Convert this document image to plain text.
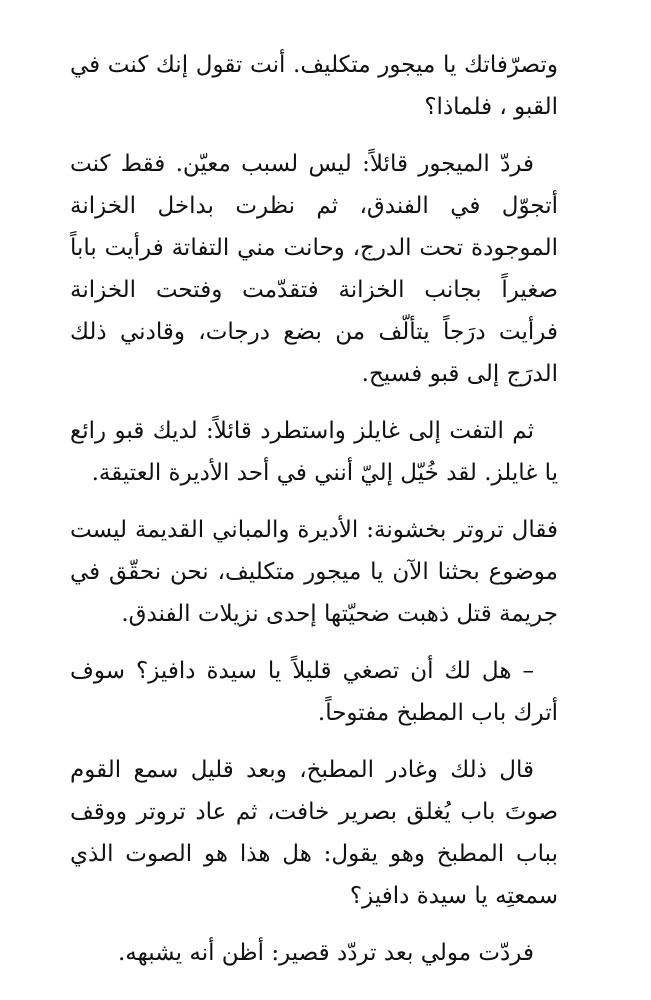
وتصرّفاتك يا ميجور متكليف. أنت تقول إنك كنت في القبو ، فلماذا؟

فردّ الميجور قائلاً: ليس لسبب معيّن. فقط كنت أتجوّل في الفندق، ثم نظرت بداخل الخزانة الموجودة تحت الدرج، وحانت مني التفاتة فرأيت باباً صغيراً بجانب الخزانة فتقدّمت وفتحت الخزانة فرأيت درَجاً يتألّف من بضع درجات، وقادني ذلك الدرَج إلى قبو فسيح.

ثم التفت إلى غايلز واستطرد قائلاً: لديك قبو رائع يا غايلز. لقد خُيّل إليّ أنني في أحد الأديرة العتيقة.

فقال تروتر بخشونة: الأديرة والمباني القديمة ليست موضوع بحثنا الآن يا ميجور متكليف، نحن نحقّق في جريمة قتل ذهبت ضحيّتها إحدى نزيلات الفندق.

– هل لك أن تصغي قليلاً يا سيدة دافيز؟ سوف أترك باب المطبخ مفتوحاً.

قال ذلك وغادر المطبخ، وبعد قليل سمع القوم صوتَ باب يُغلق بصرير خافت، ثم عاد تروتر ووقف بباب المطبخ وهو يقول: هل هذا هو الصوت الذي سمعتِه يا سيدة دافيز؟

فردّت مولي بعد تردّد قصير: أظن أنه يشبهه.
